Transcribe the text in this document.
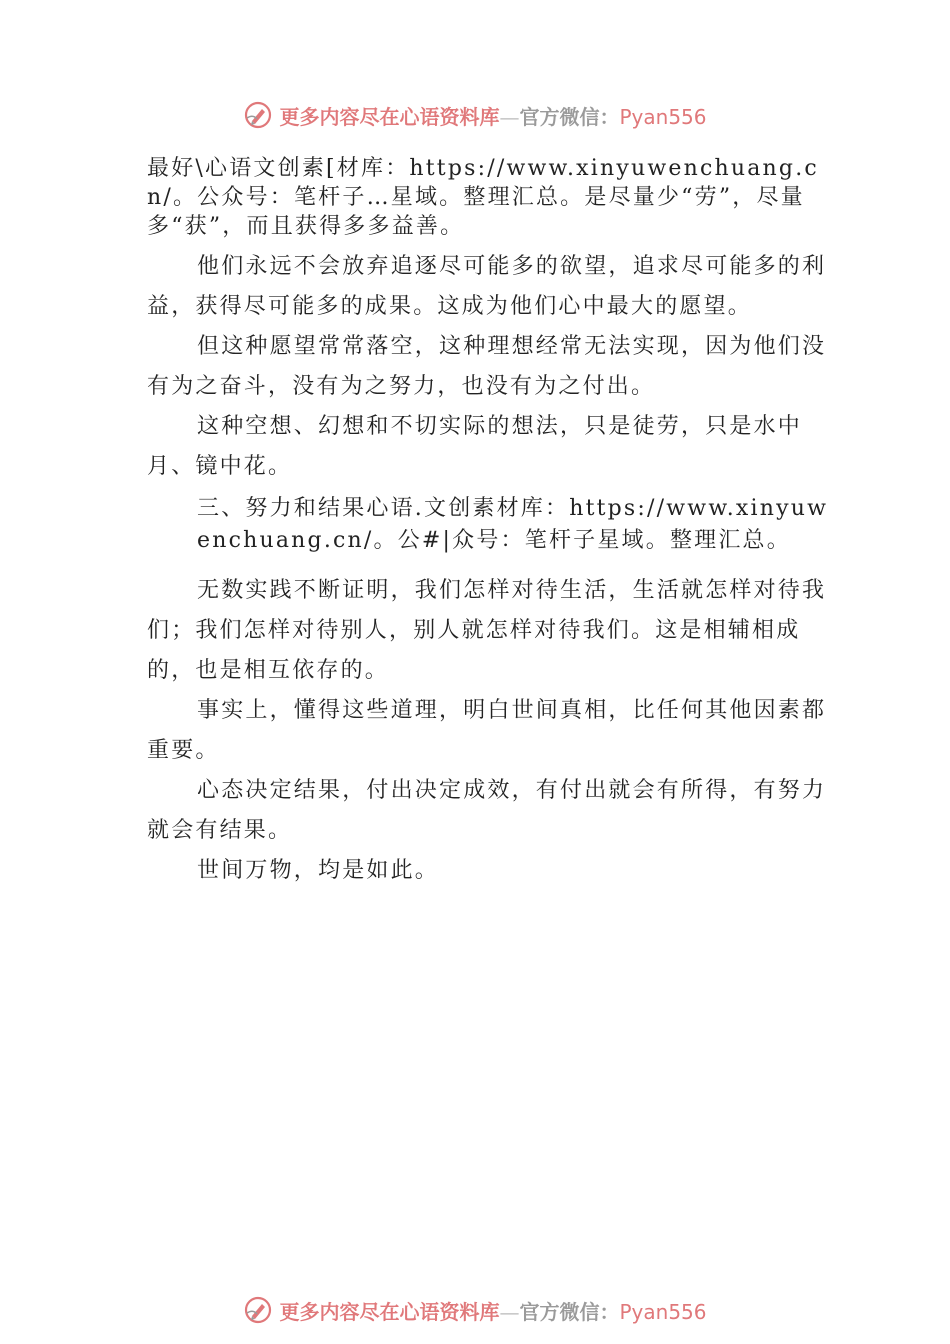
更多内容尽在心语资料库—官方微信：Pyan556

最好\心语文创素[材库：https://www.xinyuwenchuang.cn/。公众号：笔杆子…星域。整理汇总。是尽量少“劳”，尽量多“获”，而且获得多多益善。

他们永远不会放弃追逐尽可能多的欲望，追求尽可能多的利益，获得尽可能多的成果。这成为他们心中最大的愿望。

但这种愿望常常落空，这种理想经常无法实现，因为他们没有为之奋斗，没有为之努力，也没有为之付出。

这种空想、幻想和不切实际的想法，只是徒劳，只是水中月、镜中花。

三、努力和结果心语.文创素材库：https://www.xinyuwenchuang.cn/。公#|众号：笔杆子星域。整理汇总。

无数实践不断证明，我们怎样对待生活，生活就怎样对待我们；我们怎样对待别人，别人就怎样对待我们。这是相辅相成的，也是相互依存的。

事实上，懂得这些道理，明白世间真相，比任何其他因素都重要。

心态决定结果，付出决定成效，有付出就会有所得，有努力就会有结果。

世间万物，均是如此。

更多内容尽在心语资料库—官方微信：Pyan556
